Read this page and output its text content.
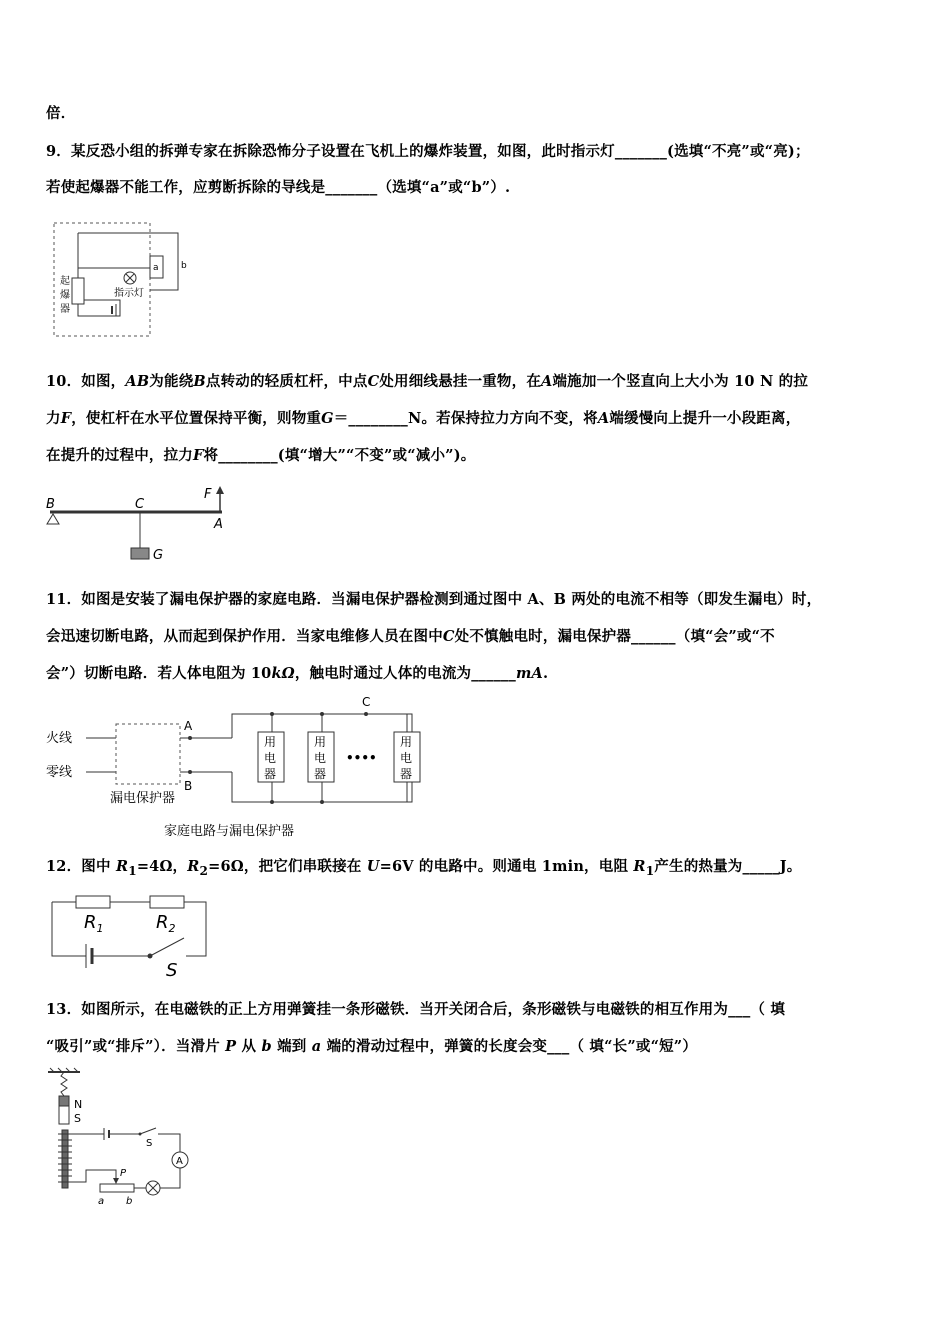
倍．
9．某反恐小组的拆弹专家在拆除恐怖分子设置在飞机上的爆炸装置，如图，此时指示灯_______(选填“不亮”或“亮)；
若使起爆器不能工作，应剪断拆除的导线是_______（选填“a”或“b”）.
a b
起
爆
器
指示灯
10．如图，AB为能绕B点转动的轻质杠杆，中点C处用细线悬挂一重物，在A端施加一个竖直向上大小为 10 N 的拉
力F，使杠杆在水平位置保持平衡，则物重G＝________N。若保持拉力方向不变，将A端缓慢向上提升一小段距离，
在提升的过程中，拉力F将________(填“增大”“不变”或“减小”)。
B	C
F
A
G
11．如图是安装了漏电保护器的家庭电路．当漏电保护器检测到通过图中 A、B 两处的电流不相等（即发生漏电）时，
会迅速切断电路，从而起到保护作用．当家电维修人员在图中C处不慎触电时，漏电保护器______（填“会”或“不
会”）切断电路．若人体电阻为 10kΩ，触电时通过人体的电流为______mA.
用
电
器
用
电
器
用
电
器
••••
火线
零线
A
B
C
漏电保护器
家庭电路与漏电保护器
12．图中 $R_1=4\Omega$，$R_2=6\Omega$，把它们串联接在 U=6V 的电路中。则通电 1min，电阻 $R_1$产生的热量为_____J。
$R_1$	$R_2$
S
13．如图所示，在电磁铁的正上方用弹簧挂一条形磁铁．当开关闭合后，条形磁铁与电磁铁的相互作用为___（ 填
“吸引”或“排斥”）．当滑片 P 从 b 端到 a 端的滑动过程中，弹簧的长度会变___（ 填“长”或“短”）
N
S
S
A
P
a b
